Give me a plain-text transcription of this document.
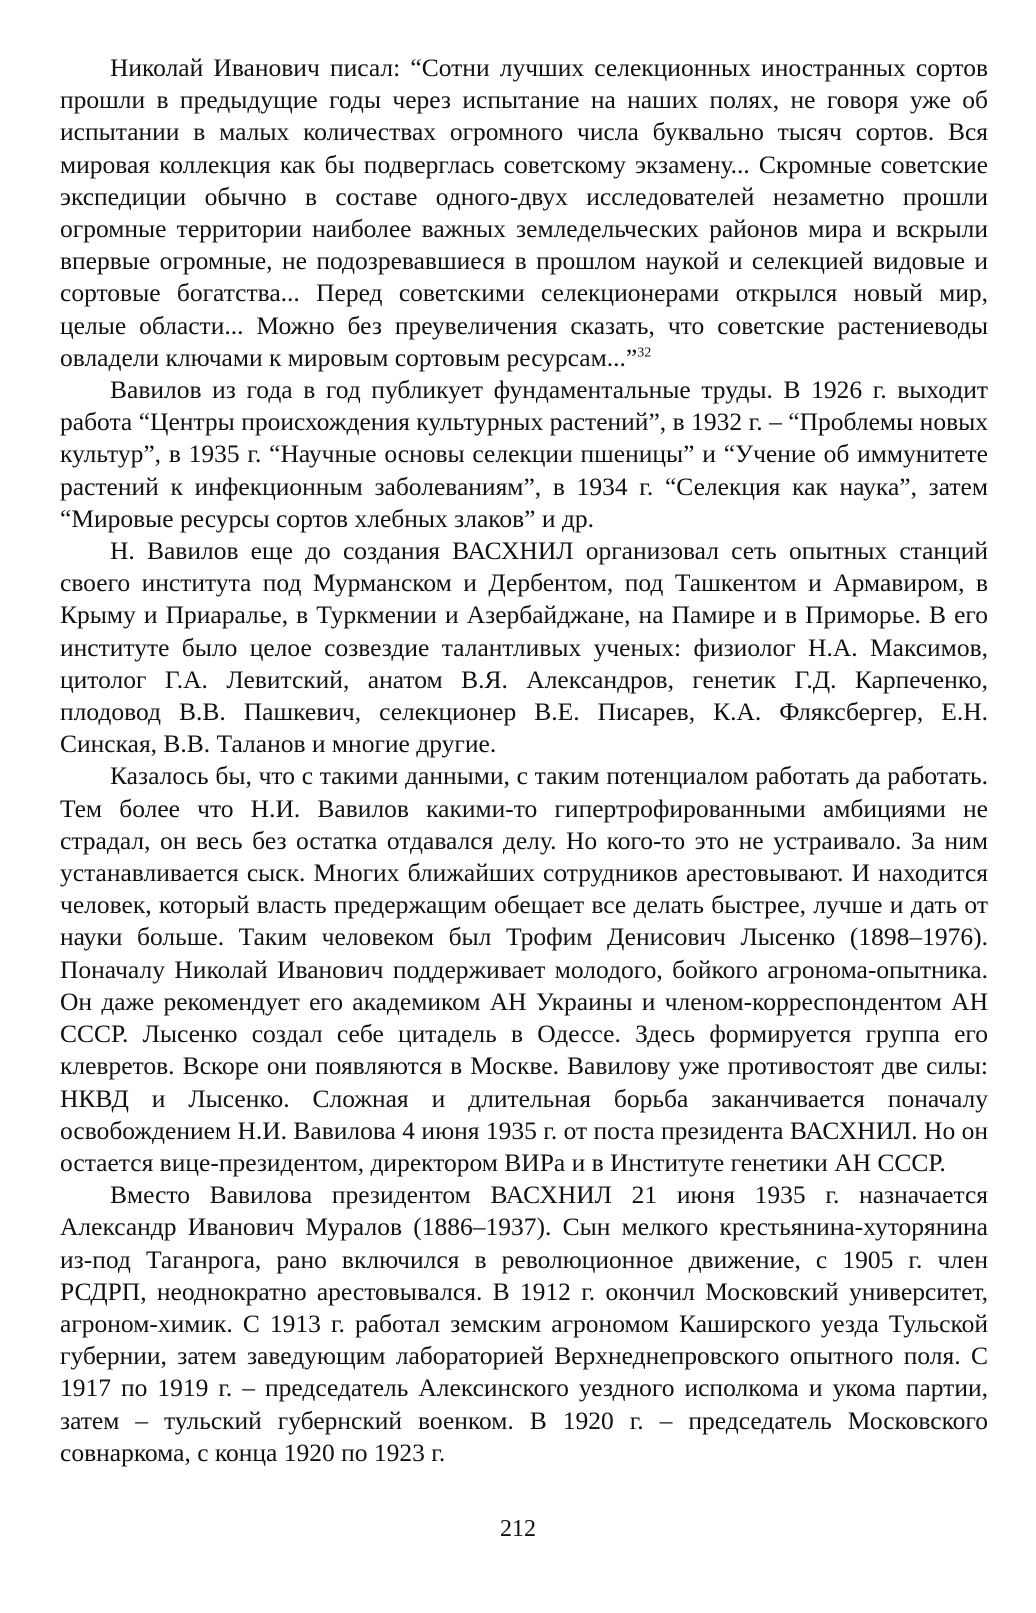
Николай Иванович писал: “Сотни лучших селекционных иностранных сортов прошли в предыдущие годы через испытание на наших полях, не говоря уже об испытании в малых количествах огромного числа буквально тысяч сортов. Вся мировая коллекция как бы подверглась советскому экзамену... Скромные советские экспедиции обычно в составе одного-двух исследователей незаметно прошли огромные территории наиболее важных земледельческих районов мира и вскрыли впервые огромные, не подозревавшиеся в прошлом наукой и селекцией видовые и сортовые богатства... Перед советскими селекционерами открылся новый мир, целые области... Можно без преувеличения сказать, что советские растениеводы овладели ключами к мировым сортовым ресурсам...”$^{32}$

Вавилов из года в год публикует фундаментальные труды. В 1926 г. выходит работа “Центры происхождения культурных растений”, в 1932 г. – “Проблемы новых культур”, в 1935 г. “Научные основы селекции пшеницы” и “Учение об иммунитете растений к инфекционным заболеваниям”, в 1934 г. “Селекция как наука”, затем “Мировые ресурсы сортов хлебных злаков” и др.

Н. Вавилов еще до создания ВАСХНИЛ организовал сеть опытных станций своего института под Мурманском и Дербентом, под Ташкентом и Армавиром, в Крыму и Приаралье, в Туркмении и Азербайджане, на Памире и в Приморье. В его институте было целое созвездие талантливых ученых: физиолог Н.А. Максимов, цитолог Г.А. Левитский, анатом В.Я. Александров, генетик Г.Д. Карпеченко, плодовод В.В. Пашкевич, селекционер В.Е. Писарев, К.А. Фляксбергер, Е.Н. Синская, В.В. Таланов и многие другие.

Казалось бы, что с такими данными, с таким потенциалом работать да работать. Тем более что Н.И. Вавилов какими-то гипертрофированными амбициями не страдал, он весь без остатка отдавался делу. Но кого-то это не устраивало. За ним устанавливается сыск. Многих ближайших сотрудников арестовывают. И находится человек, который власть предержащим обещает все делать быстрее, лучше и дать от науки больше. Таким человеком был Трофим Денисович Лысенко (1898–1976). Поначалу Николай Иванович поддерживает молодого, бойкого агронома-опытника. Он даже рекомендует его академиком АН Украины и членом-корреспондентом АН СССР. Лысенко создал себе цитадель в Одессе. Здесь формируется группа его клевретов. Вскоре они появляются в Москве. Вавилову уже противостоят две силы: НКВД и Лысенко. Сложная и длительная борьба заканчивается поначалу освобождением Н.И. Вавилова 4 июня 1935 г. от поста президента ВАСХНИЛ. Но он остается вице-президентом, директором ВИРа и в Институте генетики АН СССР.

Вместо Вавилова президентом ВАСХНИЛ 21 июня 1935 г. назначается Александр Иванович Муралов (1886–1937). Сын мелкого крестьянина-хуторянина из-под Таганрога, рано включился в революционное движение, с 1905 г. член РСДРП, неоднократно арестовывался. В 1912 г. окончил Московский университет, агроном-химик. С 1913 г. работал земским агрономом Каширского уезда Тульской губернии, затем заведующим лабораторией Верхнеднепровского опытного поля. С 1917 по 1919 г. – председатель Алексинского уездного исполкома и укома партии, затем – тульский губернский военком. В 1920 г. – председатель Московского совнаркома, с конца 1920 по 1923 г.

212
